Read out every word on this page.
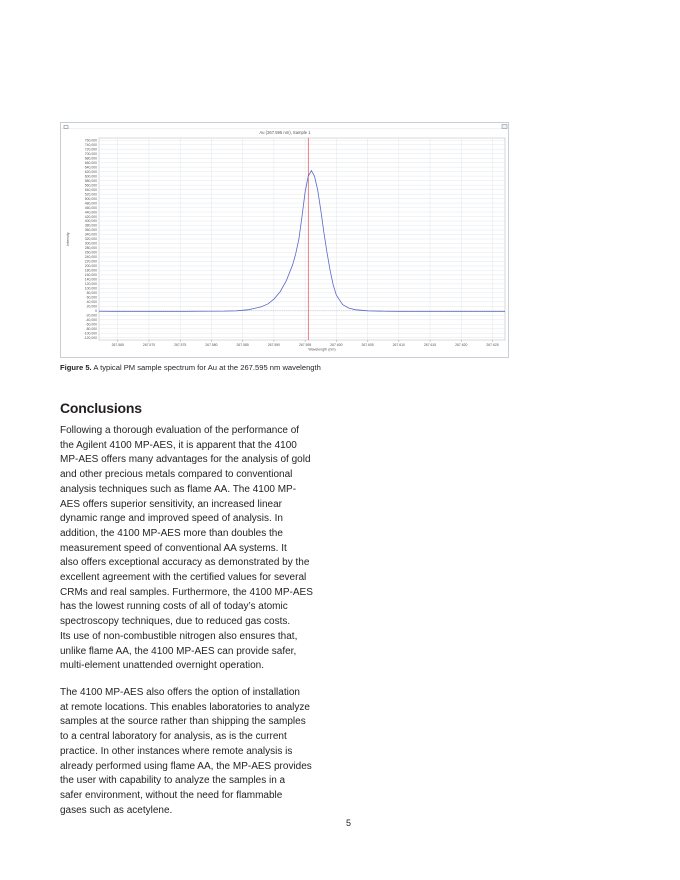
Au (267.595 nm), Sample 1
760,000
740,000
720,000
700,000
680,000
660,000
640,000
620,000
600,000
580,000
560,000
540,000
520,000
500,000
480,000
460,000
440,000
420,000
400,000
380,000
360,000
340,000
320,000
300,000
280,000
260,000
240,000
220,000
200,000
180,000
160,000
140,000
120,000
100,000
80,000
60,000
40,000
20,000
0
-20,000
-40,000
-60,000
-80,000
-100,000
-120,000
267.565	267.570	267.575	267.580	267.585	267.590	267.595	267.600	267.605	267.610	267.615	267.620	267.625
Wavelength (nm)
Intensity
Figure 5. A typical PM sample spectrum for Au at the 267.595 nm wavelength
Conclusions

Following a thorough evaluation of the performance of
the Agilent 4100 MP-AES, it is apparent that the 4100
MP-AES offers many advantages for the analysis of gold
and other precious metals compared to conventional
analysis techniques such as flame AA. The 4100 MP-
AES offers superior sensitivity, an increased linear
dynamic range and improved speed of analysis. In
addition, the 4100 MP-AES more than doubles the
measurement speed of conventional AA systems. It
also offers exceptional accuracy as demonstrated by the
excellent agreement with the certified values for several
CRMs and real samples. Furthermore, the 4100 MP-AES
has the lowest running costs of all of today’s atomic
spectroscopy techniques, due to reduced gas costs.
Its use of non-combustible nitrogen also ensures that,
unlike flame AA, the 4100 MP-AES can provide safer,
multi-element unattended overnight operation.

The 4100 MP-AES also offers the option of installation
at remote locations. This enables laboratories to analyze
samples at the source rather than shipping the samples
to a central laboratory for analysis, as is the current
practice. In other instances where remote analysis is
already performed using flame AA, the MP-AES provides
the user with capability to analyze the samples in a
safer environment, without the need for flammable
gases such as acetylene.

5
